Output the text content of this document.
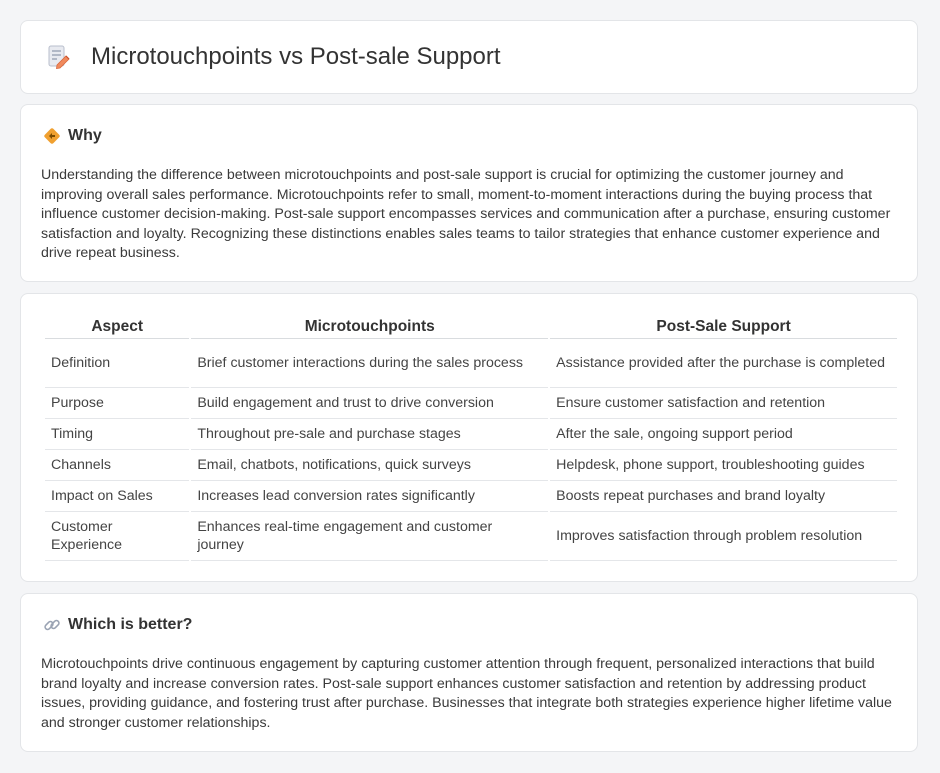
Microtouchpoints vs Post-sale Support
Why

Understanding the difference between microtouchpoints and post-sale support is crucial for optimizing the customer journey and improving overall sales performance. Microtouchpoints refer to small, moment-to-moment interactions during the buying process that influence customer decision-making. Post-sale support encompasses services and communication after a purchase, ensuring customer satisfaction and loyalty. Recognizing these distinctions enables sales teams to tailor strategies that enhance customer experience and drive repeat business.

Aspect	Microtouchpoints	Post-Sale Support
Definition	Brief customer interactions during the sales process	Assistance provided after the purchase is completed
Purpose	Build engagement and trust to drive conversion	Ensure customer satisfaction and retention
Timing	Throughout pre-sale and purchase stages	After the sale, ongoing support period
Channels	Email, chatbots, notifications, quick surveys	Helpdesk, phone support, troubleshooting guides
Impact on Sales	Increases lead conversion rates significantly	Boosts repeat purchases and brand loyalty
Customer Experience	Enhances real-time engagement and customer journey	Improves satisfaction through problem resolution
Which is better?

Microtouchpoints drive continuous engagement by capturing customer attention through frequent, personalized interactions that build brand loyalty and increase conversion rates. Post-sale support enhances customer satisfaction and retention by addressing product issues, providing guidance, and fostering trust after purchase. Businesses that integrate both strategies experience higher lifetime value and stronger customer relationships.
